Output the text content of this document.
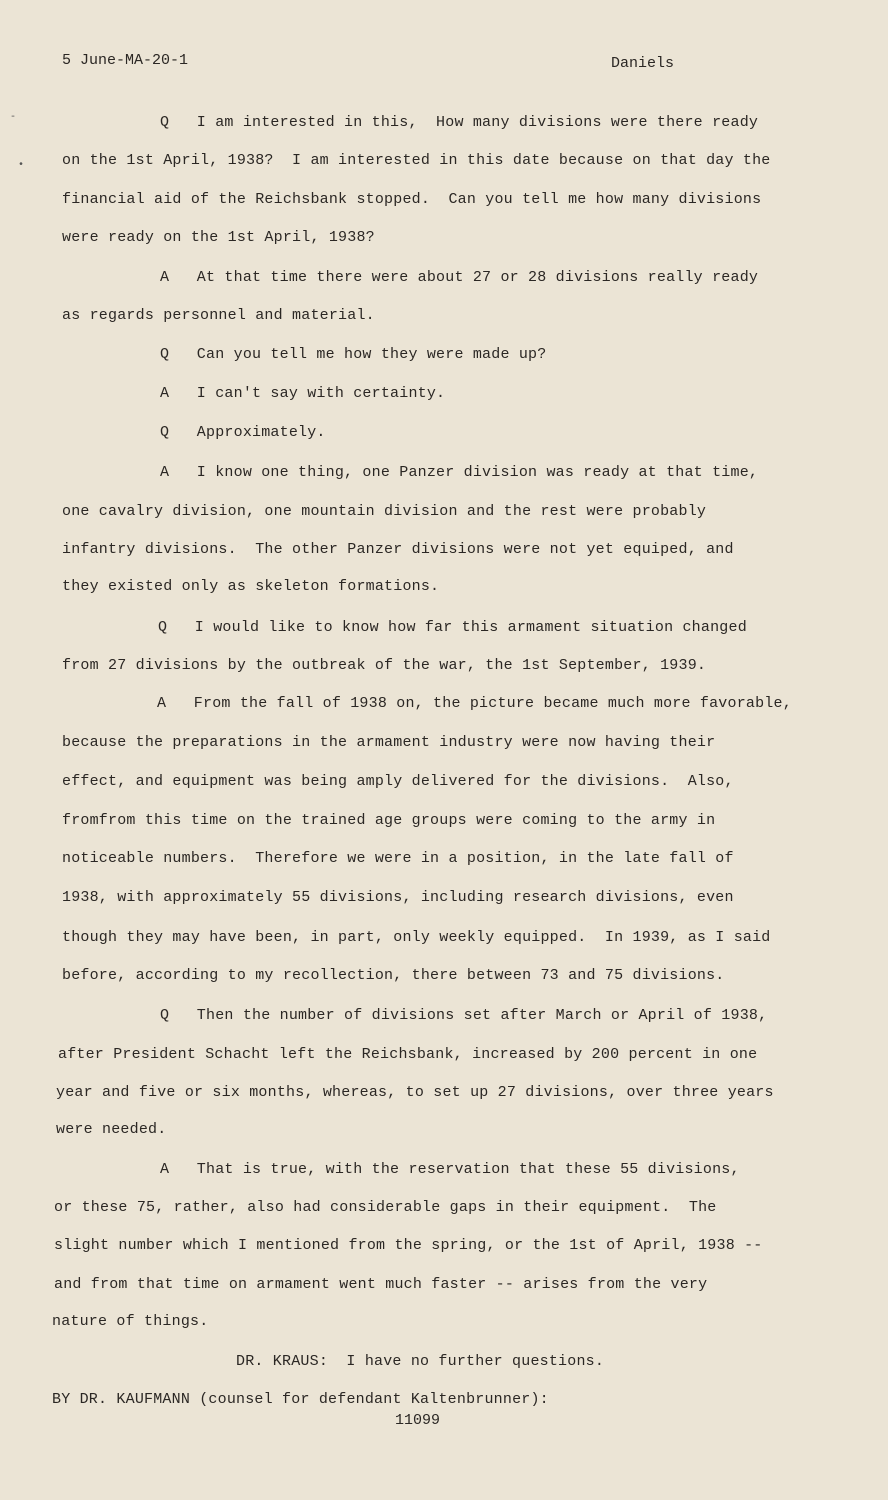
5 June-MA-20-1	Daniels
-
•
Q   I am interested in this,  How many divisions were there ready
on the 1st April, 1938?  I am interested in this date because on that day the
financial aid of the Reichsbank stopped.  Can you tell me how many divisions
were ready on the 1st April, 1938?
A   At that time there were about 27 or 28 divisions really ready
as regards personnel and material.
Q   Can you tell me how they were made up?
A   I can't say with certainty.
Q   Approximately.
A   I know one thing, one Panzer division was ready at that time,
one cavalry division, one mountain division and the rest were probably
infantry divisions.  The other Panzer divisions were not yet equiped, and
they existed only as skeleton formations.
Q   I would like to know how far this armament situation changed
from 27 divisions by the outbreak of the war, the 1st September, 1939.
A   From the fall of 1938 on, the picture became much more favorable,
because the preparations in the armament industry were now having their
effect, and equipment was being amply delivered for the divisions.  Also,
fromfrom this time on the trained age groups were coming to the army in
noticeable numbers.  Therefore we were in a position, in the late fall of
1938, with approximately 55 divisions, including research divisions, even
though they may have been, in part, only weekly equipped.  In 1939, as I said
before, according to my recollection, there between 73 and 75 divisions.
Q   Then the number of divisions set after March or April of 1938,
after President Schacht left the Reichsbank, increased by 200 percent in one
year and five or six months, whereas, to set up 27 divisions, over three years
were needed.
A   That is true, with the reservation that these 55 divisions,
or these 75, rather, also had considerable gaps in their equipment.  The
slight number which I mentioned from the spring, or the 1st of April, 1938 --
and from that time on armament went much faster -- arises from the very
nature of things.
DR. KRAUS:  I have no further questions.
BY DR. KAUFMANN (counsel for defendant Kaltenbrunner):
11099
